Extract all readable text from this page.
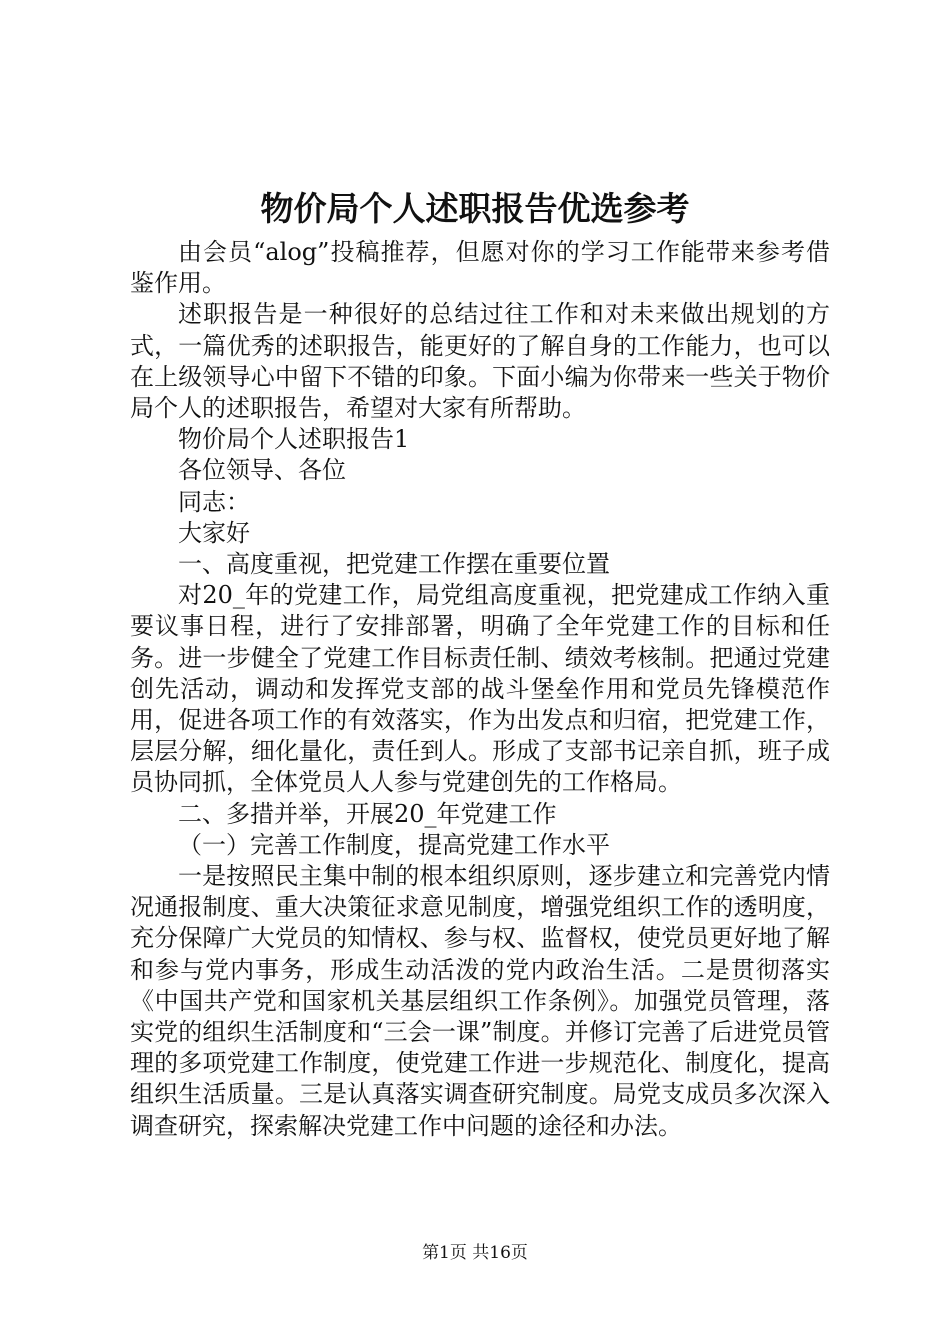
物价局个人述职报告优选参考

由会员“alog”投稿推荐，但愿对你的学习工作能带来参考借鉴作用。

述职报告是一种很好的总结过往工作和对未来做出规划的方式，一篇优秀的述职报告，能更好的了解自身的工作能力，也可以在上级领导心中留下不错的印象。下面小编为你带来一些关于物价局个人的述职报告，希望对大家有所帮助。

物价局个人述职报告1

各位领导、各位

同志：

大家好

一、高度重视，把党建工作摆在重要位置

对20_年的党建工作，局党组高度重视，把党建成工作纳入重要议事日程，进行了安排部署，明确了全年党建工作的目标和任务。进一步健全了党建工作目标责任制、绩效考核制。把通过党建创先活动，调动和发挥党支部的战斗堡垒作用和党员先锋模范作用，促进各项工作的有效落实，作为出发点和归宿，把党建工作，层层分解，细化量化，责任到人。形成了支部书记亲自抓，班子成员协同抓，全体党员人人参与党建创先的工作格局。

二、多措并举，开展20_年党建工作

（一）完善工作制度，提高党建工作水平

一是按照民主集中制的根本组织原则，逐步建立和完善党内情况通报制度、重大决策征求意见制度，增强党组织工作的透明度，充分保障广大党员的知情权、参与权、监督权，使党员更好地了解和参与党内事务，形成生动活泼的党内政治生活。二是贯彻落实《中国共产党和国家机关基层组织工作条例》。加强党员管理，落实党的组织生活制度和“三会一课”制度。并修订完善了后进党员管理的多项党建工作制度，使党建工作进一步规范化、制度化，提高组织生活质量。三是认真落实调查研究制度。局党支成员多次深入调查研究，探索解决党建工作中问题的途径和办法。

第1页 共16页
